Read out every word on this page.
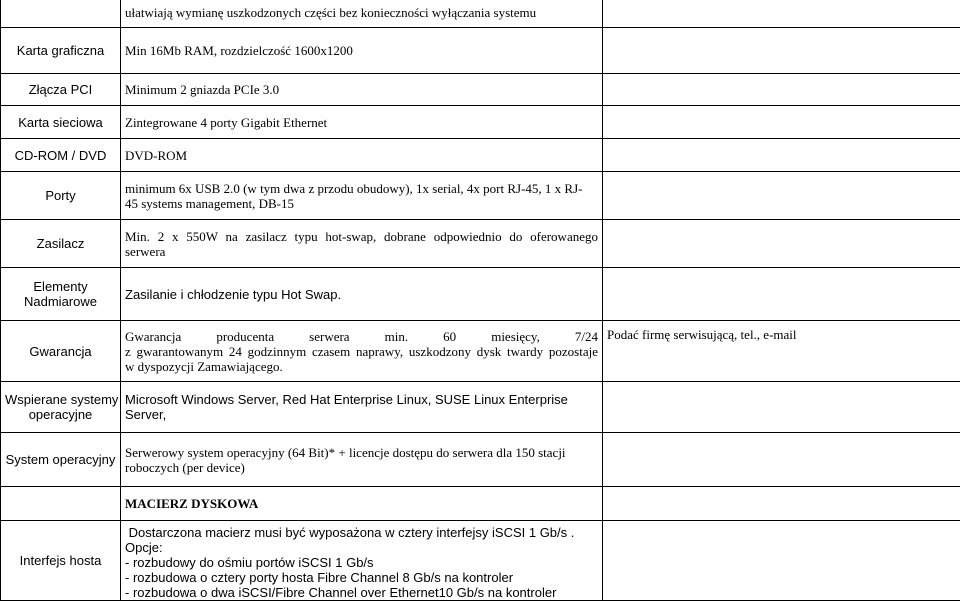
	ułatwiają wymianę uszkodzonych części bez konieczności wyłączania systemu	
Karta graficzna	Min 16Mb RAM, rozdzielczość 1600x1200	
Złącza PCI	Minimum 2 gniazda PCIe 3.0	
Karta sieciowa	Zintegrowane 4 porty Gigabit Ethernet	
CD-ROM / DVD	DVD-ROM	
Porty	minimum 6x USB 2.0 (w tym dwa z przodu obudowy), 1x serial, 4x port RJ-45, 1 x RJ-
45 systems management, DB-15	

Zasilacz	Min. 2 x 550W na zasilacz typu hot-swap, dobrane odpowiednio do oferowanego
serwera	

Elementy
Nadmiarowe	Zasilanie i chłodzenie typu Hot Swap.	
Gwarancja	Gwarancja producenta serwera min. 60 miesięcy, 7/24
z gwarantowanym 24 godzinnym czasem naprawy, uszkodzony dysk twardy pozostaje
w dyspozycji Zamawiającego.	Podać firmę serwisującą, tel., e-mail

Wspierane systemy
operacyjne	Microsoft Windows Server, Red Hat Enterprise Linux, SUSE Linux Enterprise Server,	
System operacyjny	Serwerowy system operacyjny (64 Bit)* + licencje dostępu do serwera dla 150 stacji
roboczych (per device)	

	MACIERZ DYSKOWA	
Interfejs hosta	Dostarczona macierz musi być wyposażona w cztery interfejsy iSCSI 1 Gb/s .
Opcje:
- rozbudowy do ośmiu portów iSCSI 1 Gb/s
- rozbudowa o cztery porty hosta Fibre Channel 8 Gb/s na kontroler
- rozbudowa o dwa iSCSI/Fibre Channel over Ethernet10 Gb/s na kontroler	
